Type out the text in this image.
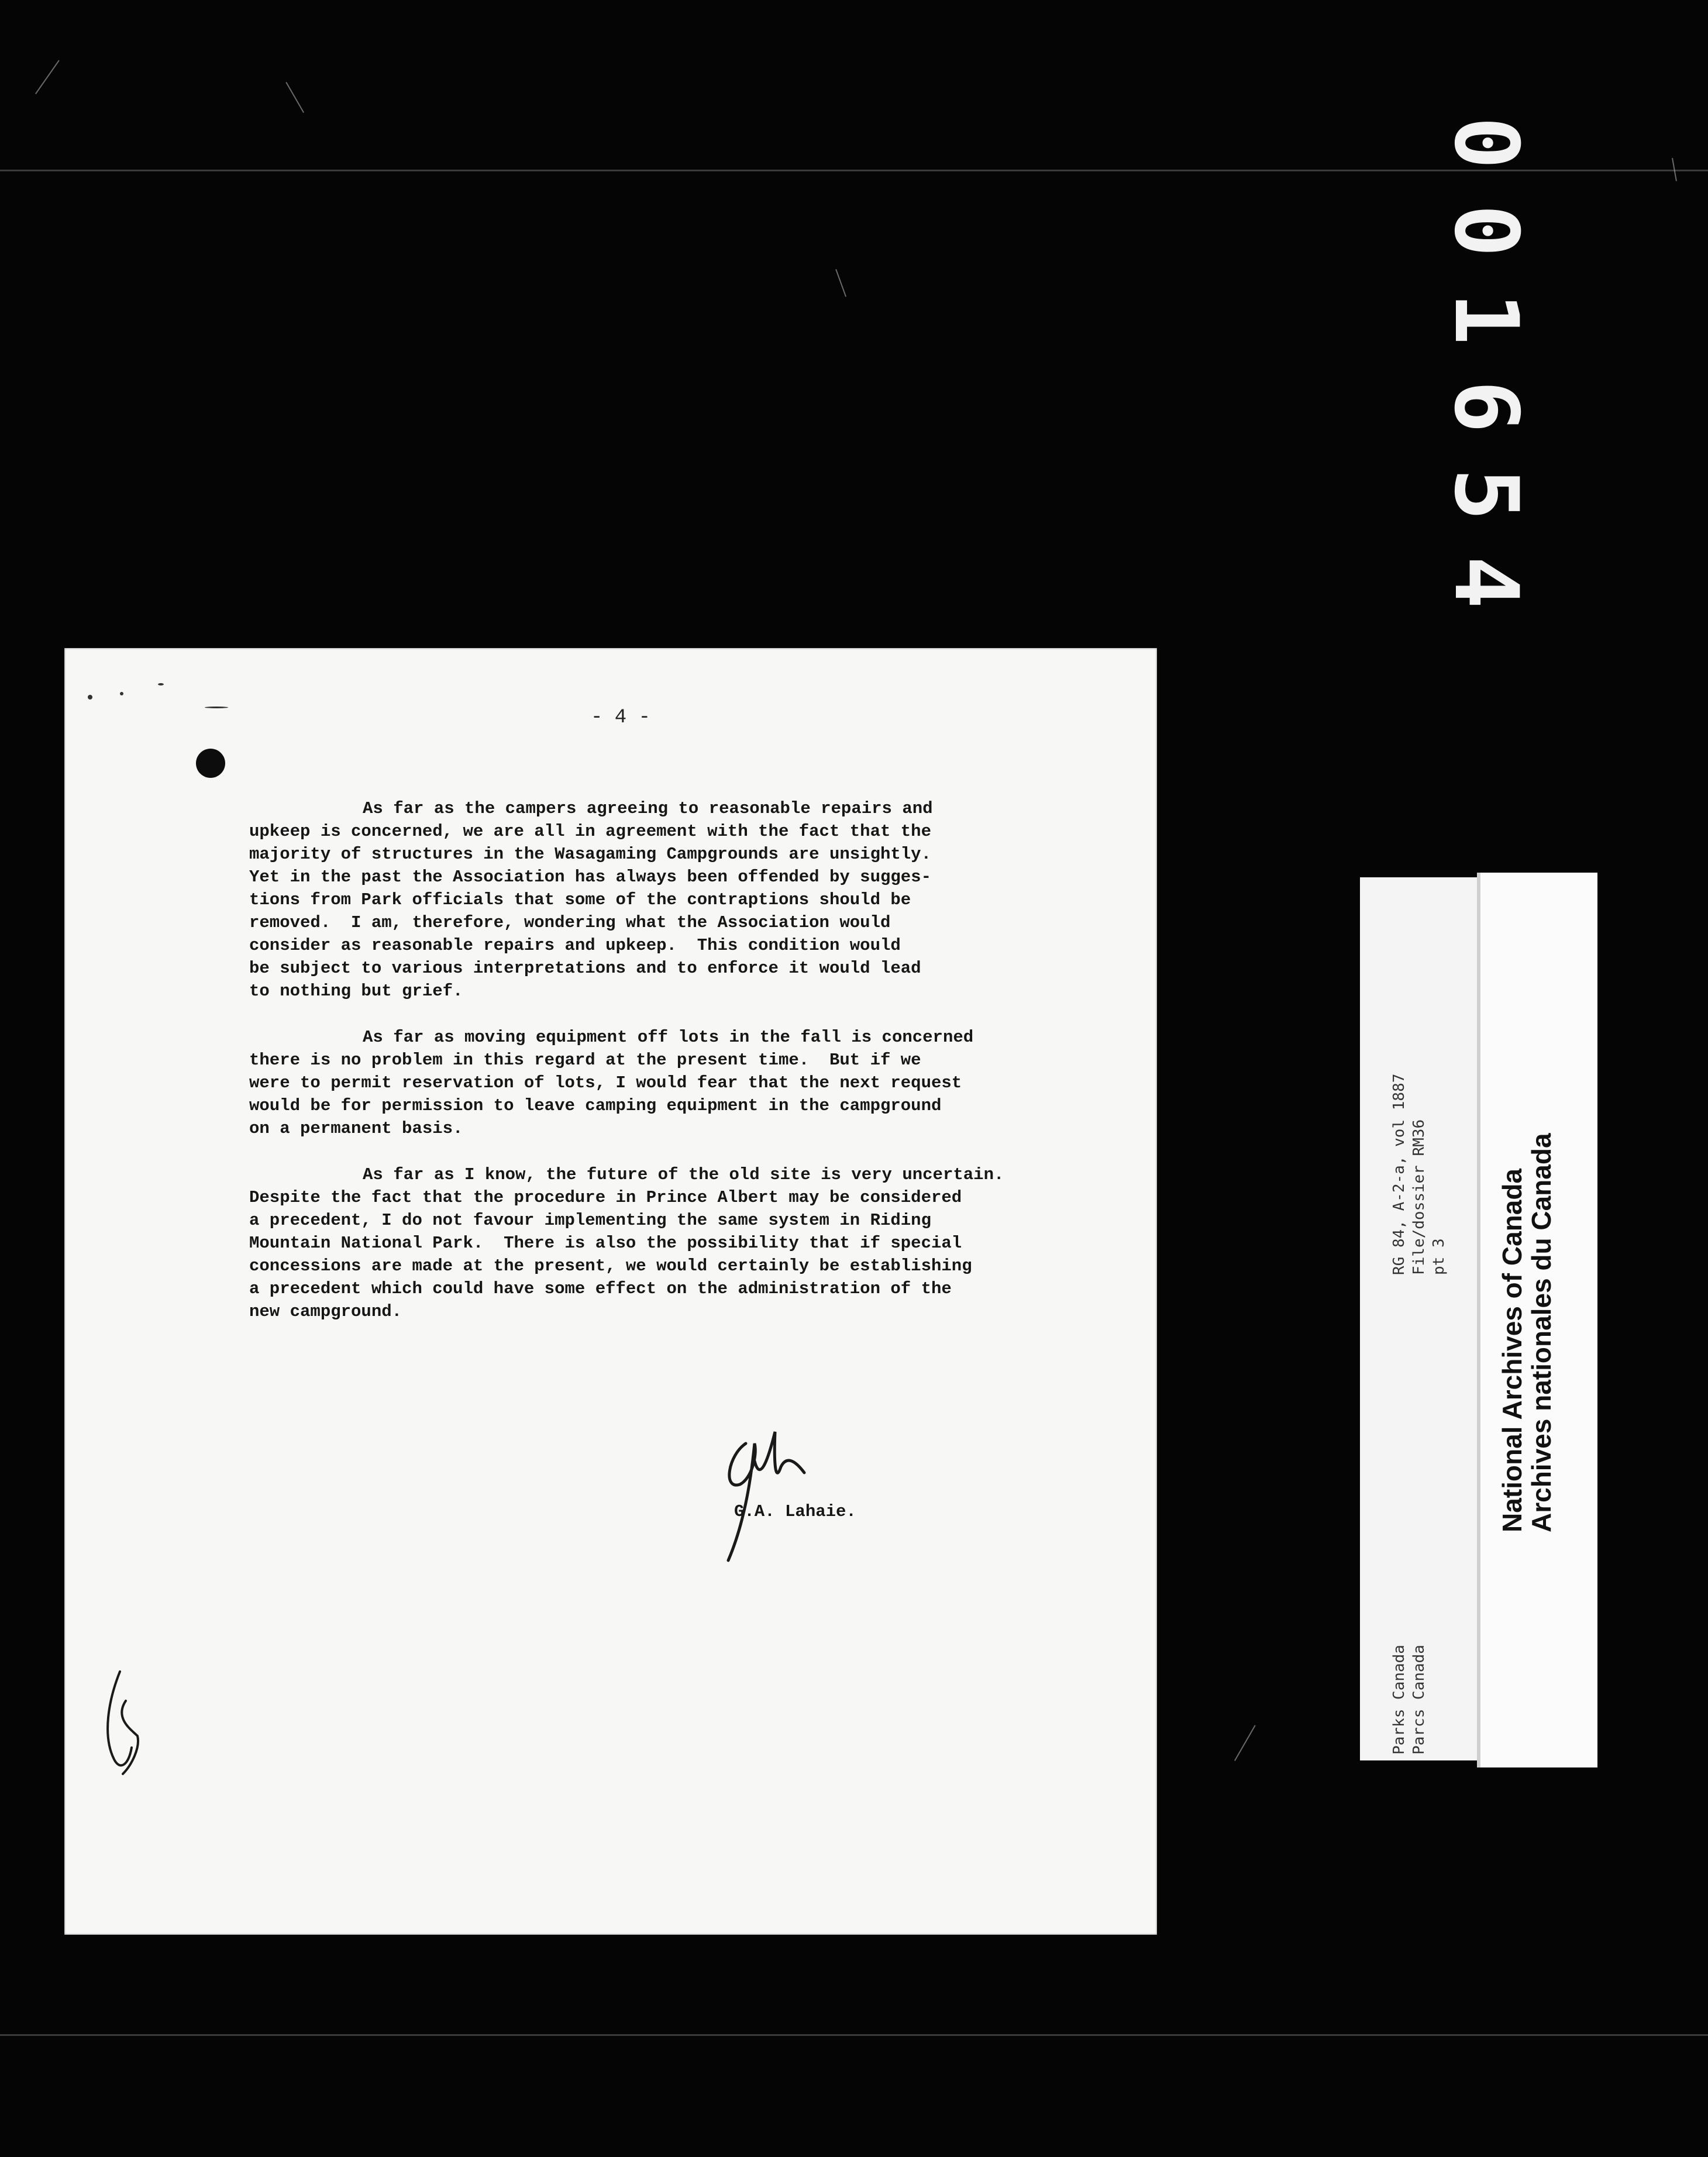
001654
- 4 -

As far as the campers agreeing to reasonable repairs and
upkeep is concerned, we are all in agreement with the fact that the
majority of structures in the Wasagaming Campgrounds are unsightly.
Yet in the past the Association has always been offended by sugges-
tions from Park officials that some of the contraptions should be
removed.  I am, therefore, wondering what the Association would
consider as reasonable repairs and upkeep.  This condition would
be subject to various interpretations and to enforce it would lead
to nothing but grief.

As far as moving equipment off lots in the fall is concerned
there is no problem in this regard at the present time.  But if we
were to permit reservation of lots, I would fear that the next request
would be for permission to leave camping equipment in the campground
on a permanent basis.

As far as I know, the future of the old site is very uncertain.
Despite the fact that the procedure in Prince Albert may be considered
a precedent, I do not favour implementing the same system in Riding
Mountain National Park.  There is also the possibility that if special
concessions are made at the present, we would certainly be establishing
a precedent which could have some effect on the administration of the
new campground.

G.A. Lahaie.
Parks Canada Parcs Canada
RG 84, A-2-a, vol 1887 File/dossier RM36 pt 3 National Archives of Canada
Archives nationales du Canada
